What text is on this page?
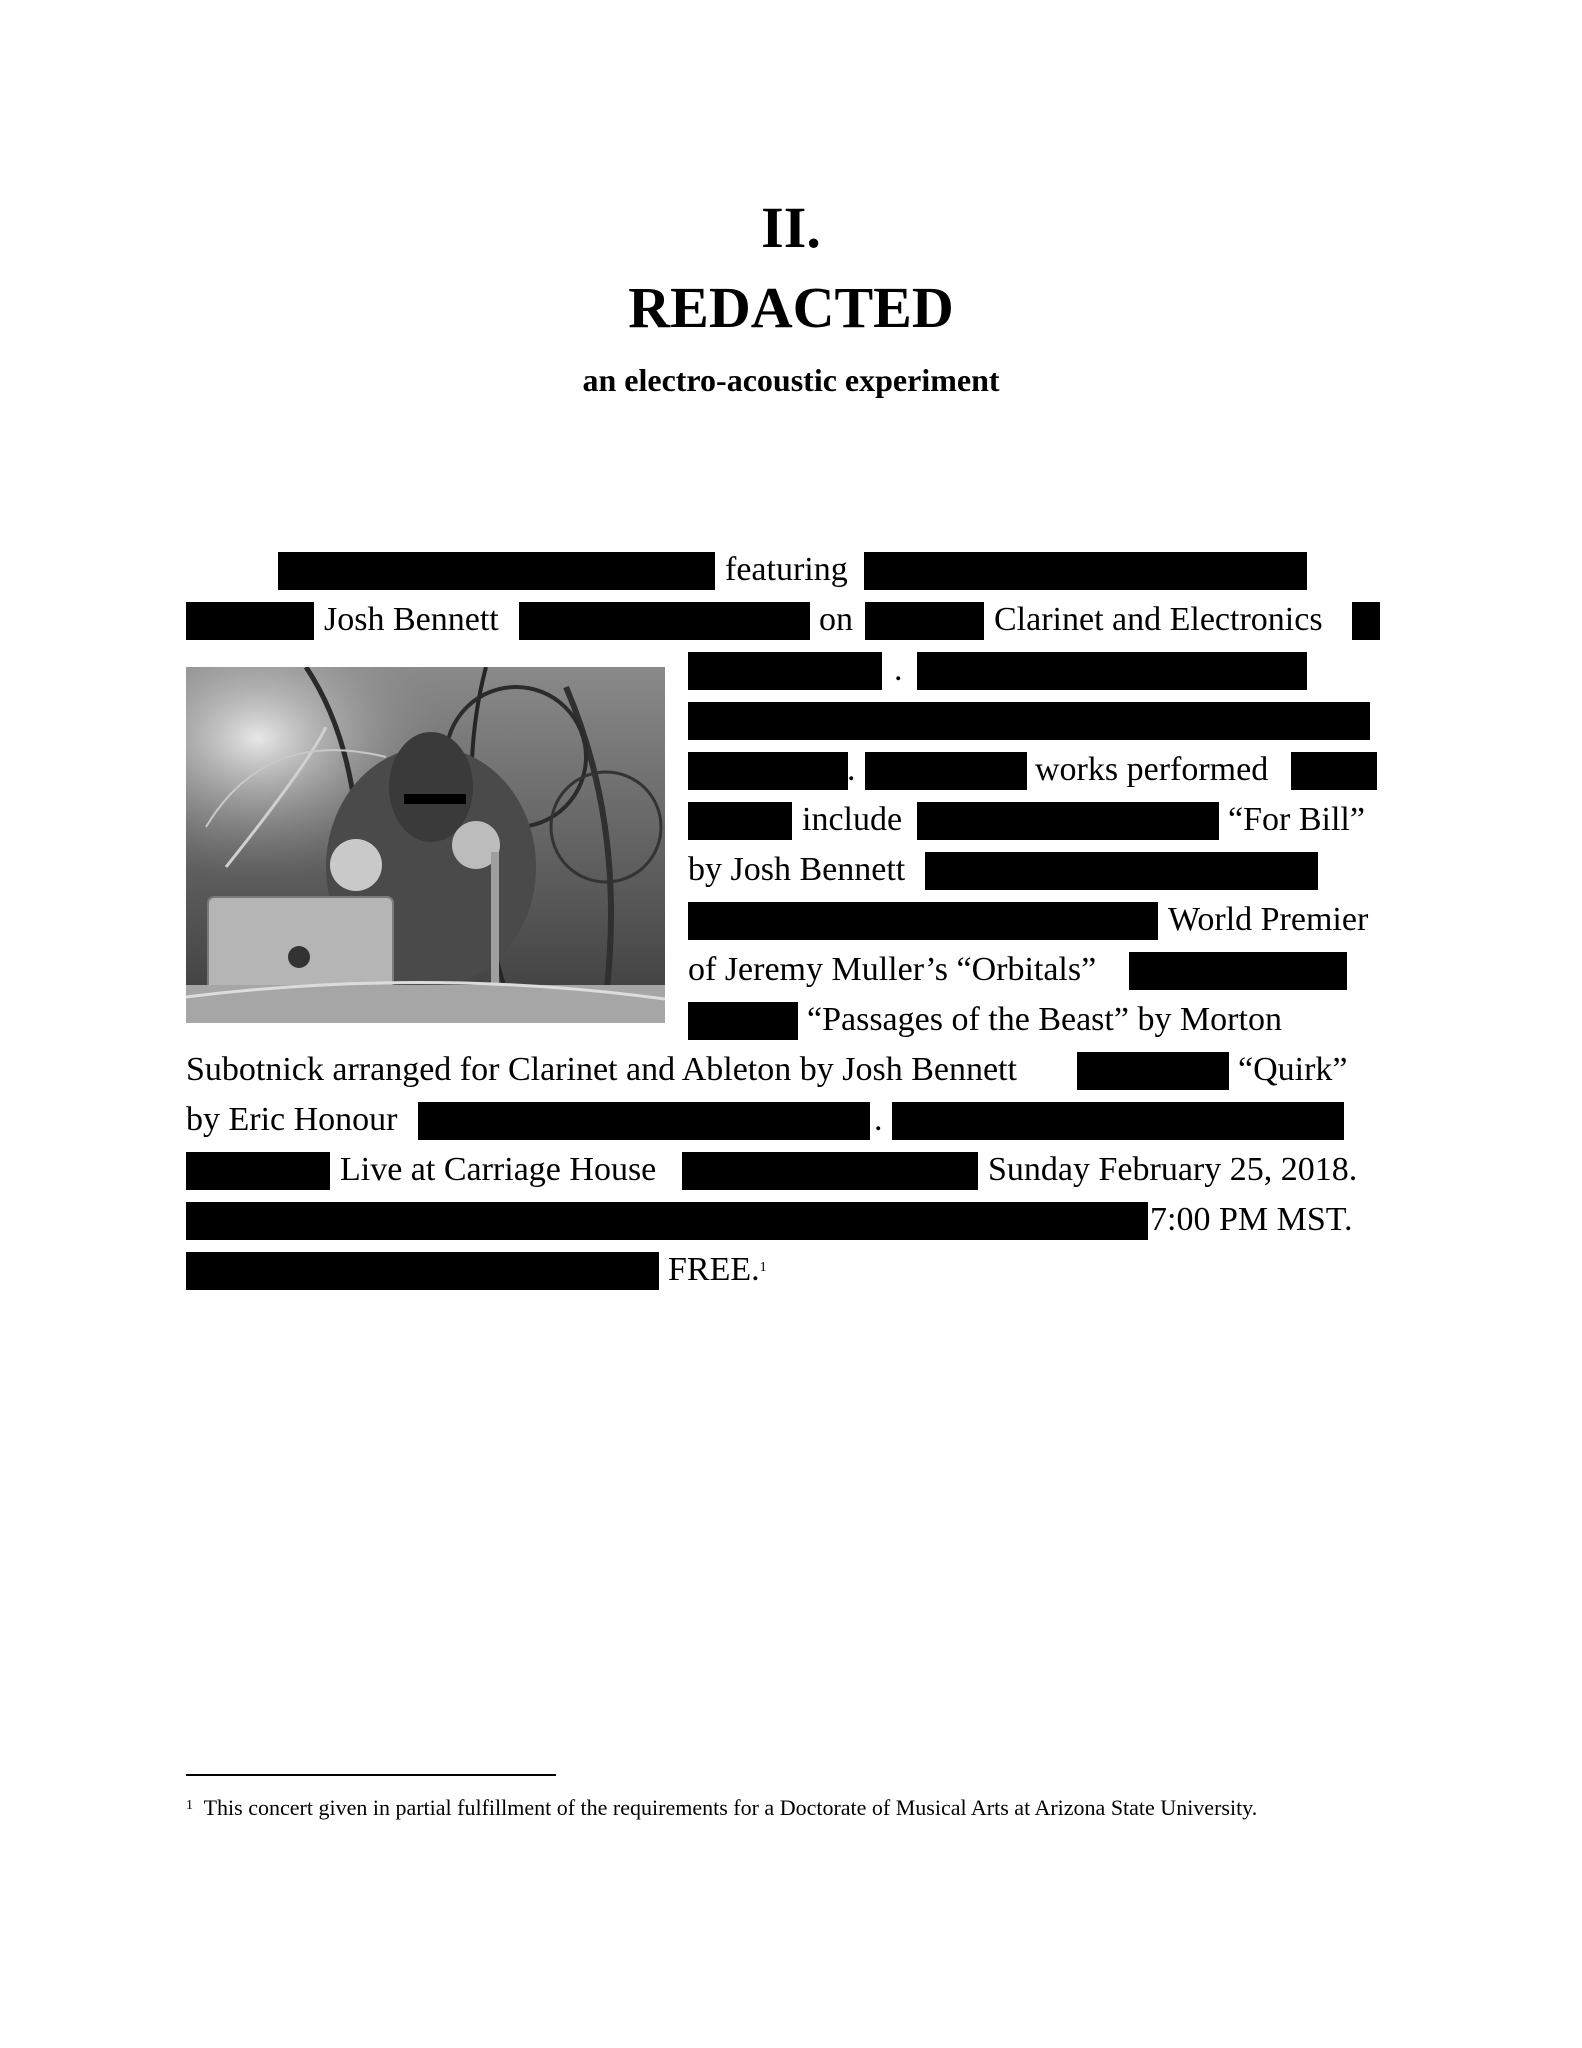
II.
REDACTED
an electro-acoustic experiment
featuring
Josh Bennett	on	Clarinet and Electronics
.
.	works performed
include	“For Bill”
by Josh Bennett
World Premier
of Jeremy Muller’s “Orbitals”
“Passages of the Beast” by Morton
Subotnick arranged for Clarinet and Ableton by Josh Bennett	“Quirk”
by Eric Honour	.
Live at Carriage House	Sunday February 25, 2018.
7:00 PM MST.
FREE.$^1$
$^1$ This concert given in partial fulfillment of the requirements for a Doctorate of Musical Arts at Arizona State University.
